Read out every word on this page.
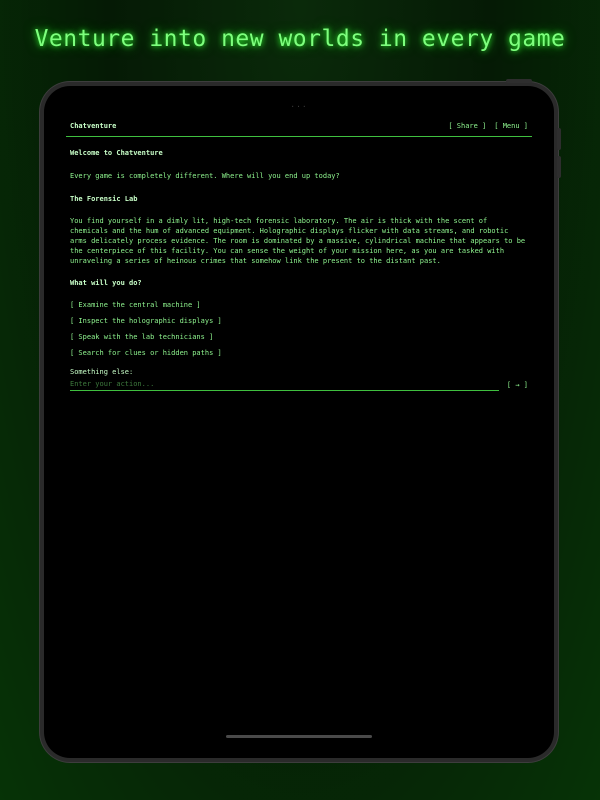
Venture into new worlds in every game
···
Chatventure	[ Share ] [ Menu ]
Welcome to Chatventure
Every game is completely different. Where will you end up today?
The Forensic Lab
You find yourself in a dimly lit, high-tech forensic laboratory. The air is thick with the scent of chemicals and the hum of advanced equipment. Holographic displays flicker with data streams, and robotic arms delicately process evidence. The room is dominated by a massive, cylindrical machine that appears to be the centerpiece of this facility. You can sense the weight of your mission here, as you are tasked with unraveling a series of heinous crimes that somehow link the present to the distant past.
What will you do?
[ Examine the central machine ]
[ Inspect the holographic displays ]
[ Speak with the lab technicians ]
[ Search for clues or hidden paths ]
Something else:
Enter your action...
[ → ]
